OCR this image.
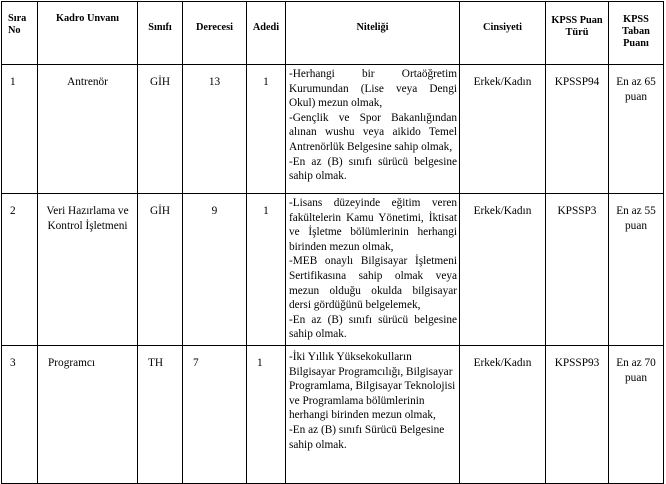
Sıra No	Kadro Unvanı	Sınıfı	Derecesi	Adedi	Niteliği	Cinsiyeti	KPSS Puan Türü	KPSS Taban Puanı
1	Antrenör	GİH	13	1	-Herhangi bir Ortaöğretim Kurumundan (Lise veya Dengi Okul) mezun olmak,
-Gençlik ve Spor Bakanlığından alınan wushu veya aikido Temel Antrenörlük Belgesine sahip olmak,
-En az (B) sınıfı sürücü belgesine sahip olmak.	Erkek/Kadın	KPSSP94	En az 65 puan
2	Veri Hazırlama ve Kontrol İşletmeni	GİH	9	1	-Lisans düzeyinde eğitim veren fakültelerin Kamu Yönetimi, İktisat ve İşletme bölümlerinin herhangi birinden mezun olmak,
-MEB onaylı Bilgisayar İşletmeni Sertifikasına sahip olmak veya mezun olduğu okulda bilgisayar dersi gördüğünü belgelemek,
-En az (B) sınıfı sürücü belgesine sahip olmak.	Erkek/Kadın	KPSSP3	En az 55 puan
3	Programcı	TH	7	1	-İki Yıllık Yüksekokulların Bilgisayar Programcılığı, Bilgisayar Programlama, Bilgisayar Teknolojisi ve Programlama bölümlerinin herhangi birinden mezun olmak,
-En az (B) sınıfı Sürücü Belgesine sahip olmak.	Erkek/Kadın	KPSSP93	En az 70 puan
